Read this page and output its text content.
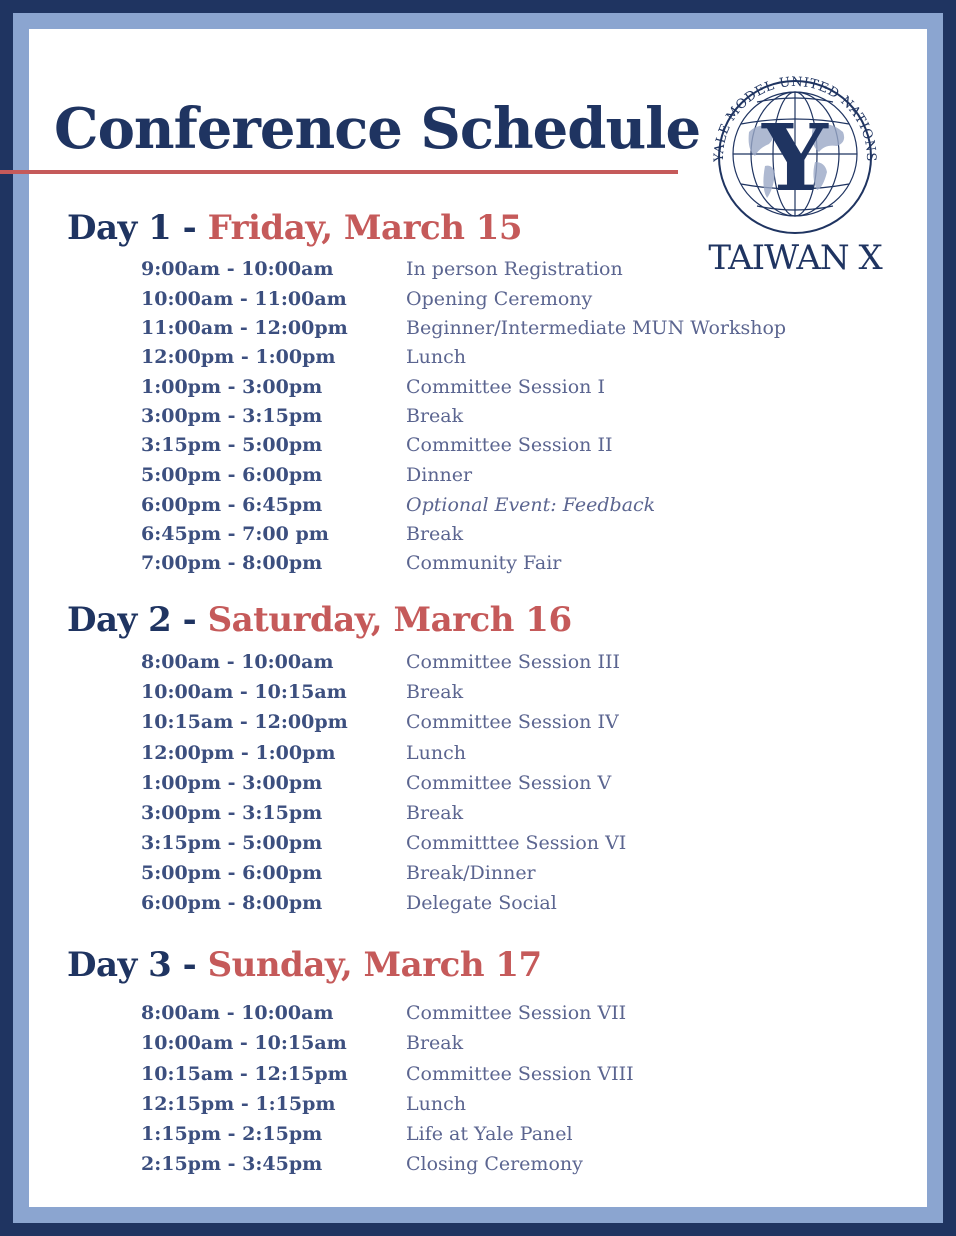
Conference Schedule YALE MODEL UNITED NATIONS
Y
TAIWAN X
Day 1 - Friday, March 15
9:00am - 10:00am	In person Registration
10:00am - 11:00am	Opening Ceremony
11:00am - 12:00pm	Beginner/Intermediate MUN Workshop
12:00pm - 1:00pm	Lunch
1:00pm - 3:00pm	Committee Session I
3:00pm - 3:15pm	Break
3:15pm - 5:00pm	Committee Session II
5:00pm - 6:00pm	Dinner
6:00pm - 6:45pm	Optional Event: Feedback
6:45pm - 7:00 pm	Break
7:00pm - 8:00pm	Community Fair
Day 2 - Saturday, March 16
8:00am - 10:00am	Committee Session III
10:00am - 10:15am	Break
10:15am - 12:00pm	Committee Session IV
12:00pm - 1:00pm	Lunch
1:00pm - 3:00pm	Committee Session V
3:00pm - 3:15pm	Break
3:15pm - 5:00pm	Committtee Session VI
5:00pm - 6:00pm	Break/Dinner
6:00pm - 8:00pm	Delegate Social
Day 3 - Sunday, March 17
8:00am - 10:00am	Committee Session VII
10:00am - 10:15am	Break
10:15am - 12:15pm	Committee Session VIII
12:15pm - 1:15pm	Lunch
1:15pm - 2:15pm	Life at Yale Panel
2:15pm - 3:45pm	Closing Ceremony
